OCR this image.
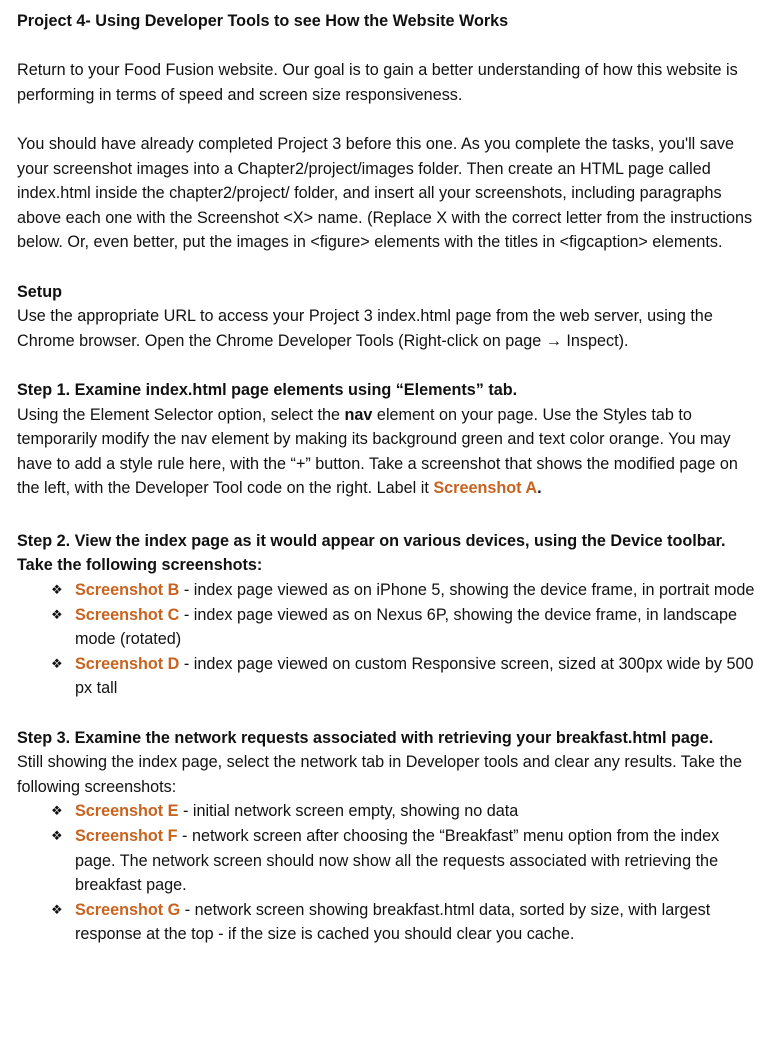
Project 4- Using Developer Tools to see How the Website Works

Return to your Food Fusion website. Our goal is to gain a better understanding of how this website is performing in terms of speed and screen size responsiveness.

You should have already completed Project 3 before this one. As you complete the tasks, you'll save your screenshot images into a Chapter2/project/images folder. Then create an HTML page called index.html inside the chapter2/project/ folder, and insert all your screenshots, including paragraphs above each one with the Screenshot <X> name. (Replace X with the correct letter from the instructions below. Or, even better, put the images in <figure> elements with the titles in <figcaption> elements.

Setup

Use the appropriate URL to access your Project 3 index.html page from the web server, using the Chrome browser. Open the Chrome Developer Tools (Right-click on page → Inspect).

Step 1. Examine index.html page elements using “Elements” tab.

Using the Element Selector option, select the nav element on your page. Use the Styles tab to temporarily modify the nav element by making its background green and text color orange. You may have to add a style rule here, with the “+” button. Take a screenshot that shows the modified page on the left, with the Developer Tool code on the right. Label it Screenshot A.

Step 2. View the index page as it would appear on various devices, using the Device toolbar. Take the following screenshots:

❖ Screenshot B - index page viewed as on iPhone 5, showing the device frame, in portrait mode
❖ Screenshot C - index page viewed as on Nexus 6P, showing the device frame, in landscape mode (rotated)
❖ Screenshot D - index page viewed on custom Responsive screen, sized at 300px wide by 500 px tall

Step 3. Examine the network requests associated with retrieving your breakfast.html page.

Still showing the index page, select the network tab in Developer tools and clear any results. Take the following screenshots:

❖ Screenshot E - initial network screen empty, showing no data
❖ Screenshot F - network screen after choosing the “Breakfast” menu option from the index page. The network screen should now show all the requests associated with retrieving the breakfast page.
❖ Screenshot G - network screen showing breakfast.html data, sorted by size, with largest response at the top - if the size is cached you should clear you cache.
